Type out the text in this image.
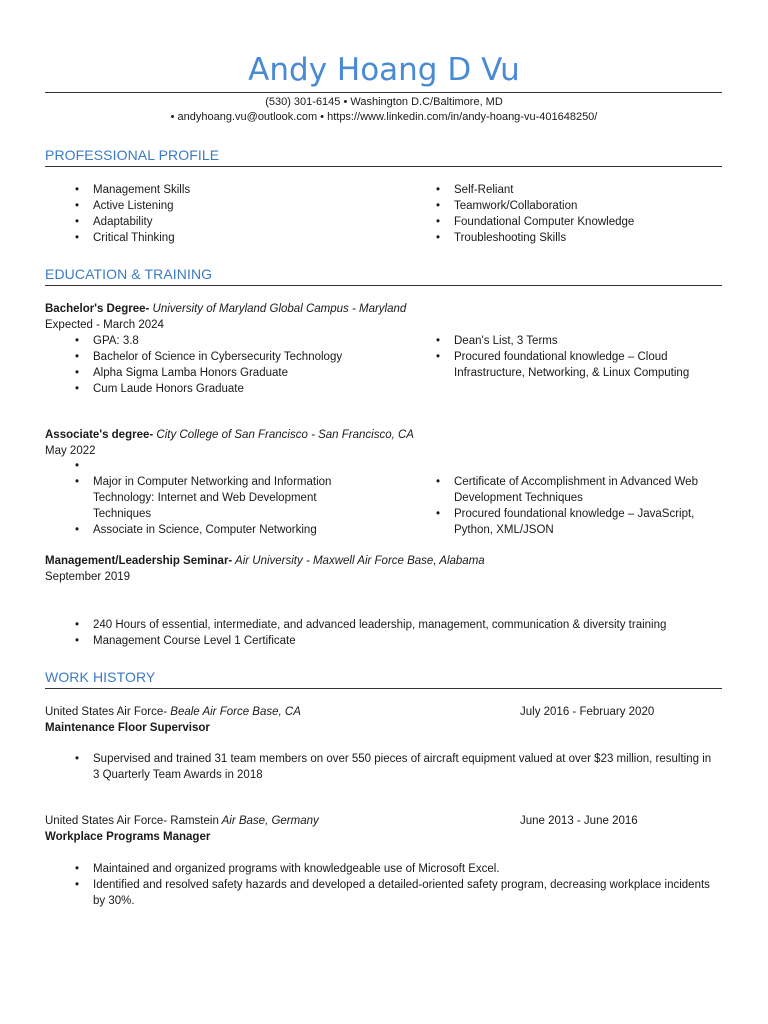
Andy Hoang D Vu
(530) 301-6145 • Washington D.C/Baltimore, MD
• andyhoang.vu@outlook.com • https://www.linkedin.com/in/andy-hoang-vu-401648250/
PROFESSIONAL PROFILE
• Management Skills
• Active Listening
• Adaptability
• Critical Thinking
• Self-Reliant
• Teamwork/Collaboration
• Foundational Computer Knowledge
• Troubleshooting Skills
EDUCATION & TRAINING
Bachelor's Degree- University of Maryland Global Campus - Maryland
Expected - March 2024
• GPA: 3.8
• Bachelor of Science in Cybersecurity Technology
• Alpha Sigma Lamba Honors Graduate
• Cum Laude Honors Graduate
• Dean's List, 3 Terms
• Procured foundational knowledge – Cloud Infrastructure, Networking, & Linux Computing
Associate's degree- City College of San Francisco - San Francisco, CA
May 2022
•
• Major in Computer Networking and Information Technology: Internet and Web Development Techniques
• Associate in Science, Computer Networking
• Certificate of Accomplishment in Advanced Web Development Techniques
• Procured foundational knowledge – JavaScript, Python, XML/JSON
Management/Leadership Seminar- Air University - Maxwell Air Force Base, Alabama
September 2019
• 240 Hours of essential, intermediate, and advanced leadership, management, communication & diversity training
• Management Course Level 1 Certificate
WORK HISTORY
United States Air Force- Beale Air Force Base, CA	July 2016 - February 2020
Maintenance Floor Supervisor
• Supervised and trained 31 team members on over 550 pieces of aircraft equipment valued at over $23 million, resulting in 3 Quarterly Team Awards in 2018
United States Air Force- Ramstein Air Base, Germany	June 2013 - June 2016
Workplace Programs Manager
• Maintained and organized programs with knowledgeable use of Microsoft Excel.
• Identified and resolved safety hazards and developed a detailed-oriented safety program, decreasing workplace incidents by 30%.
